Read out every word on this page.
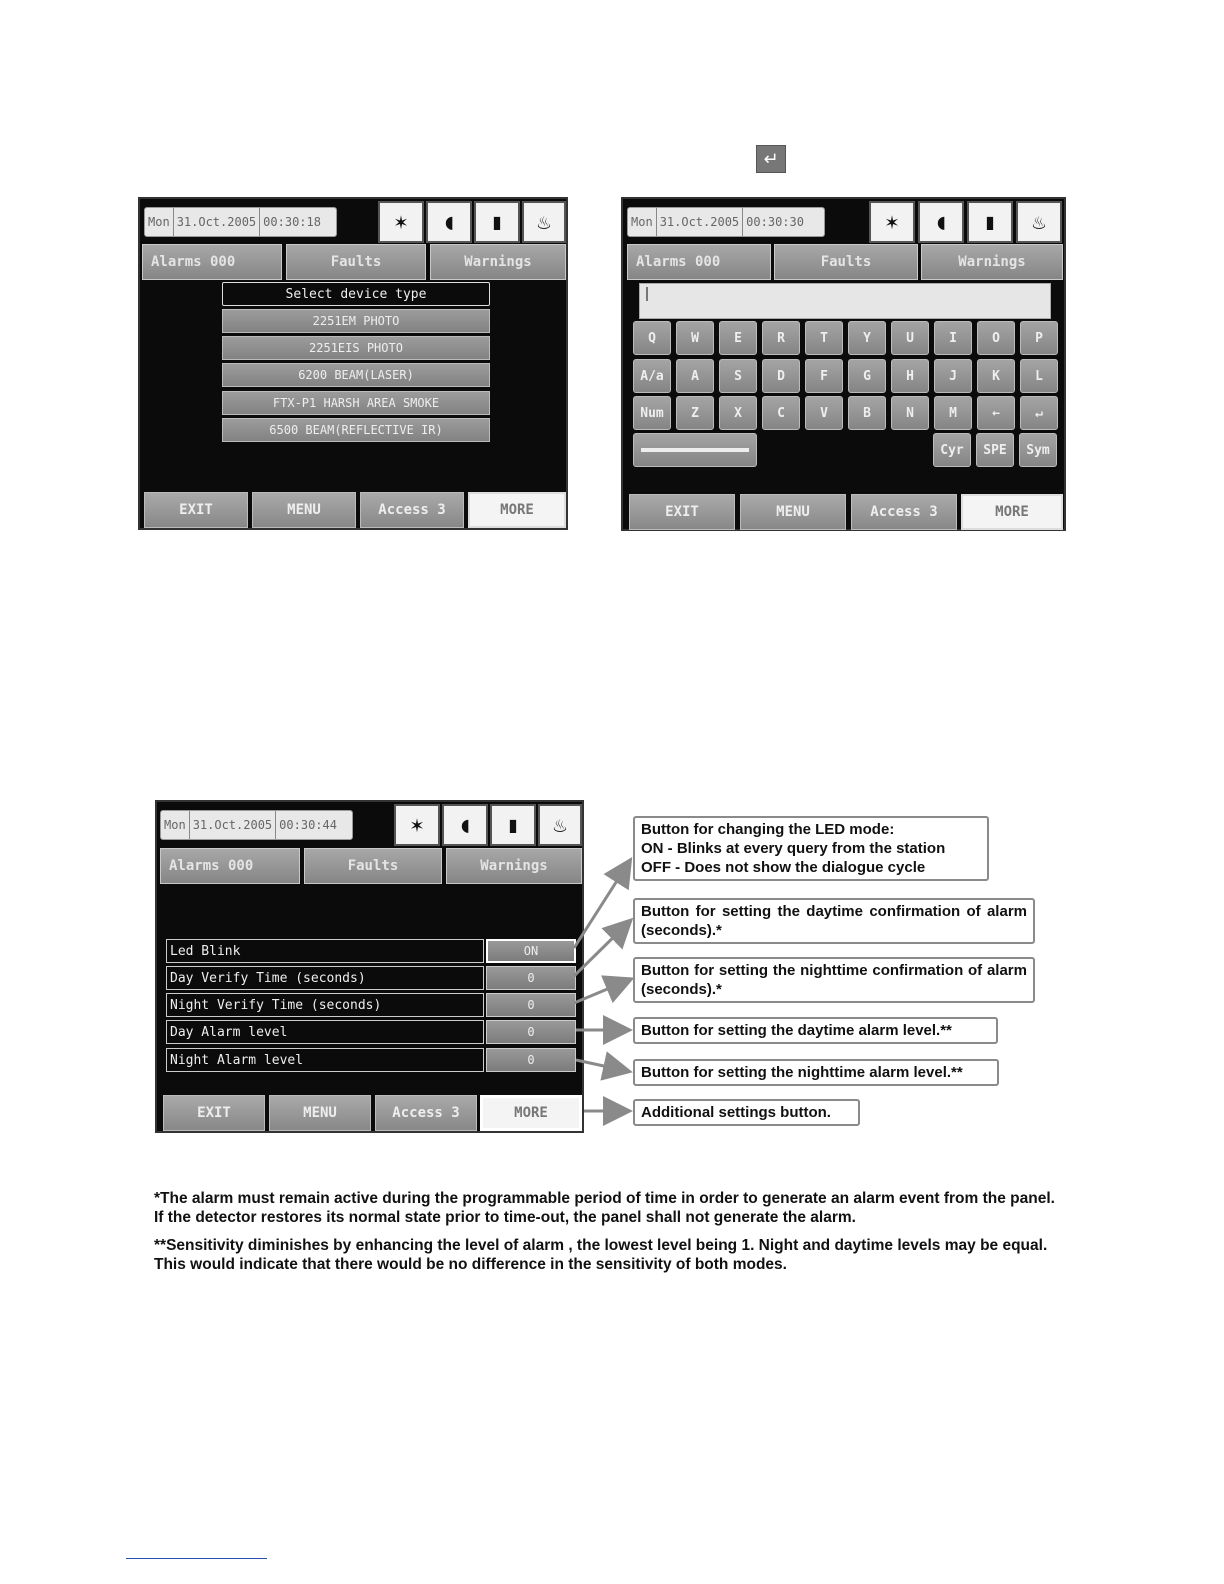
↵
Mon 31.Oct.2005 00:30:18	✶	◖	▮	♨
Alarms 000	Faults	Warnings
Select device type
2251EM PHOTO
2251EIS PHOTO
6200 BEAM(LASER)
FTX-P1 HARSH AREA SMOKE
6500 BEAM(REFLECTIVE IR)
EXIT	MENU	Access 3	MORE
Mon 31.Oct.2005 00:30:30	✶	◖	▮	♨
Alarms 000	Faults	Warnings
Q	W	E	R	T	Y	U	I	O	P
A/a	A	S	D	F	G	H	J	K	L
Num	Z	X	C	V	B	N	M	←	↵
Cyr	SPE	Sym
EXIT	MENU	Access 3	MORE
Mon 31.Oct.2005 00:30:44	✶	◖	▮	♨
Alarms 000	Faults	Warnings
Led Blink	ON
Day Verify Time (seconds)	0
Night Verify Time (seconds)	0
Day Alarm level	0
Night Alarm level	0
EXIT	MENU	Access 3	MORE
Button for changing the LED mode:
ON - Blinks at every query from the station
OFF - Does not show the dialogue cycle
Button for setting the daytime confirmation of alarm (seconds).*
Button for setting the nighttime confirmation of alarm (seconds).*
Button for setting the daytime alarm level.**
Button for setting the nighttime alarm level.**
Additional settings button.
*The alarm must remain active during the programmable period of time in order to generate an alarm event from the panel. If the detector restores its normal state prior to time-out, the panel shall not generate the alarm.
**Sensitivity diminishes by enhancing the level of alarm , the lowest level being 1. Night and daytime levels may be equal. This would indicate that there would be no difference in the sensitivity of both modes.
